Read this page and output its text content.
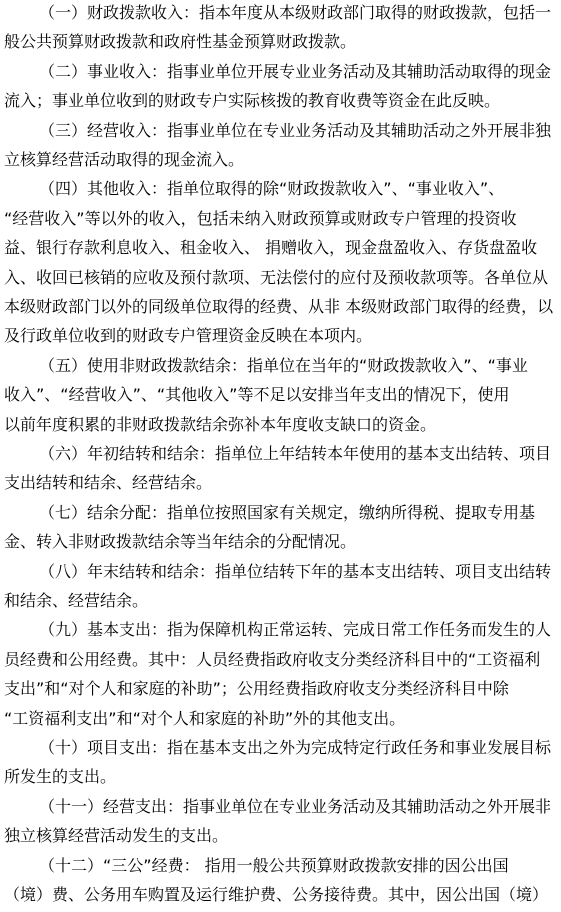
（一）财政拨款收入：指本年度从本级财政部门取得的财政拨款，包括一
般公共预算财政拨款和政府性基金预算财政拨款。
（二）事业收入：指事业单位开展专业业务活动及其辅助活动取得的现金
流入；事业单位收到的财政专户实际核拨的教育收费等资金在此反映。
（三）经营收入：指事业单位在专业业务活动及其辅助活动之外开展非独
立核算经营活动取得的现金流入。
（四）其他收入：指单位取得的除“财政拨款收入”、“事业收入”、
“经营收入”等以外的收入，包括未纳入财政预算或财政专户管理的投资收
益、银行存款利息收入、租金收入、 捐赠收入，现金盘盈收入、存货盘盈收
入、收回已核销的应收及预付款项、无法偿付的应付及预收款项等。各单位从
本级财政部门以外的同级单位取得的经费、从非 本级财政部门取得的经费，以
及行政单位收到的财政专户管理资金反映在本项内。
（五）使用非财政拨款结余：指单位在当年的“财政拨款收入”、“事业
收入”、“经营收入”、“其他收入”等不足以安排当年支出的情况下，使用
以前年度积累的非财政拨款结余弥补本年度收支缺口的资金。
（六）年初结转和结余：指单位上年结转本年使用的基本支出结转、项目
支出结转和结余、经营结余。
（七）结余分配：指单位按照国家有关规定，缴纳所得税、提取专用基
金、转入非财政拨款结余等当年结余的分配情况。
（八）年末结转和结余：指单位结转下年的基本支出结转、项目支出结转
和结余、经营结余。
（九）基本支出：指为保障机构正常运转、完成日常工作任务而发生的人
员经费和公用经费。其中：人员经费指政府收支分类经济科目中的“工资福利
支出”和“对个人和家庭的补助”；公用经费指政府收支分类经济科目中除
“工资福利支出”和“对个人和家庭的补助”外的其他支出。
（十）项目支出：指在基本支出之外为完成特定行政任务和事业发展目标
所发生的支出。
（十一）经营支出：指事业单位在专业业务活动及其辅助活动之外开展非
独立核算经营活动发生的支出。
（十二）“三公”经费： 指用一般公共预算财政拨款安排的因公出国
（境）费、公务用车购置及运行维护费、公务接待费。其中，因公出国（境）
